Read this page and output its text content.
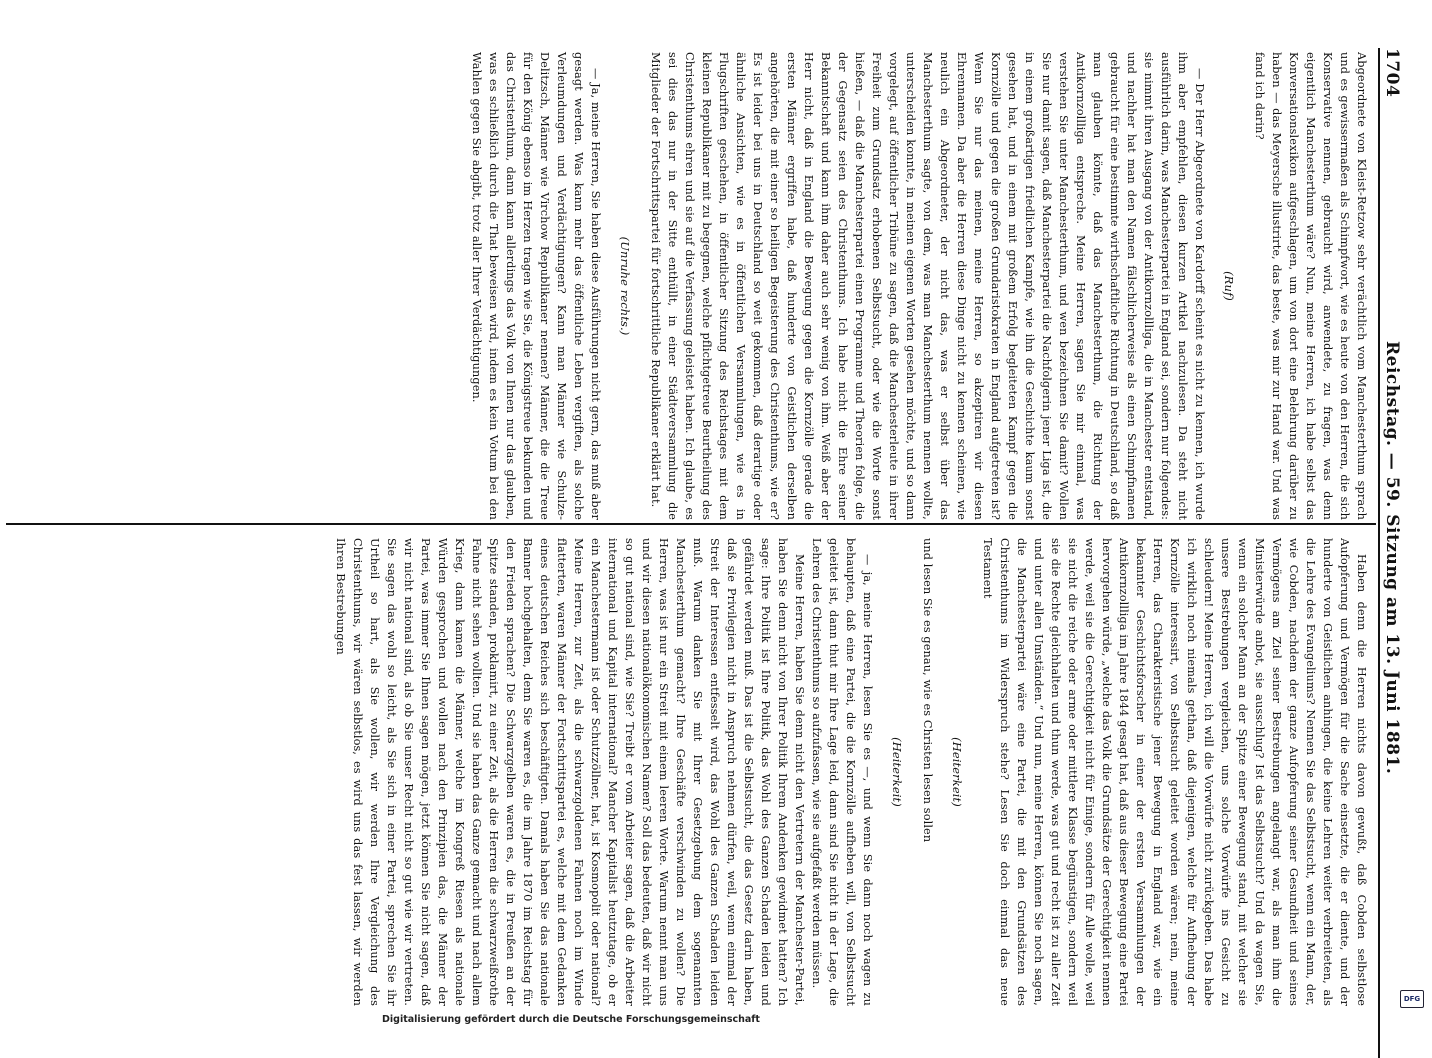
1704
Reichstag. — 59. Sitzung am 13. Juni 1881.

Abgeordnete von Kleist-Retzow sehr verächtlich vom Manchesterthum sprach und es gewissermaßen als Schimpfwort, wie es heute von den Herren, die sich Konservative nennen, gebraucht wird, anwendete, zu fragen, was denn eigentlich Manchesterthum wäre? Nun, meine Herren, ich habe selbst das Konversationslexikon aufgeschlagen, um von dort eine Belehrung darüber zu haben — das Meyersche illustrirte, das beste, was mir zur Hand war. Und was fand ich darin?

(Ruf)

— Der Herr Abgeordnete von Kardorff scheint es nicht zu kennen, ich wurde ihm aber empfehlen, diesen kurzen Artikel nachzulesen. Da steht nicht ausführlich darin, was Manchesterpartei in England sei, sondern nur folgendes: sie nimmt ihren Ausgang von der Antikornzollliga, die in Manchester entstand, und nachher hat man den Namen fälschlicherweise als einen Schimpfnamen gebraucht für eine bestimmte wirthschaftliche Richtung in Deutschland, so daß man glauben könnte, daß das Manchesterthum, die Richtung der Antikornzollliga entspreche. Meine Herren, sagen Sie mir einmal, was verstehen Sie unter Manchesterthum, und wen bezeichnen Sie damit? Wollen Sie nur damit sagen, daß Manchesterpartei die Nachfolgerin jener Liga ist, die in einem großartigen friedlichen Kampfe, wie ihn die Geschichte kaum sonst gesehen hat, und in einem mit großem Erfolg begleiteten Kampf gegen die Kornzölle und gegen die großen Grundaristokraten in England aufgetreten ist? Wenn Sie nur das meinen, meine Herren, so akzeptiren wir diesen Ehrennamen. Da aber die Herren diese Dinge nicht zu kennen scheinen, wie neulich ein Abgeordneter, der nicht das, was er selbst über das Manchesterthum sagte, von dem, was man Manchesterthum nennen wollte, unterscheiden konnte, in meinen eigenen Worten gesehen möchte, und so dann vorgelegt, auf öffentlicher Tribüne zu sagen, daß die Manchesterleute in ihrer Freiheit zum Grundsatz erhobenen Selbstsucht, oder wie die Worte sonst hießen, — daß die Manchesterpartei einen Programme und Theorien folge, die der Gegensatz seien des Christenthums. Ich habe nicht die Ehre seiner Bekanntschaft und kann ihm daher auch sehr wenig von ihm. Weiß aber der Herr nicht, daß in England die Bewegung gegen die Kornzölle gerade die ersten Männer ergriffen habe, daß hunderte von Geistlichen derselben angehörten, die mit einer so heiligen Begeisterung des Christenthums, wie er? Es ist leider bei uns in Deutschland so weit gekommen, daß derartige oder ähnliche Ansichten, wie es in öffentlichen Versammlungen, wie es in Flugschriften geschehen, in öffentlicher Sitzung des Reichstages mit dem kleinen Republikaner mit zu begegnen, welche pflichtgetreue Beurtheilung des Christenthums ehren und sie auf die Verfassung geleistet haben. Ich glaube, es sei dies das nur in der Sitte enthüllt, in einer Städteversammlung die Mitglieder der Fortschrittspartei für fortschrittliche Republikaner erklärt hat.

(Unruhe rechts.)

— Ja, meine Herren, Sie haben diese Ausführungen nicht gern, das muß aber gesagt werden. Was kann mehr das öffentliche Leben vergiften, als solche Verleumdungen und Verdächtigungen? Kann man Männer wie Schulze-Delitzsch, Männer wie Virchow Republikaner nennen? Männer, die die Treue für den König ebenso im Herzen tragen wie Sie, die Königstreue bekunden und das Christenthum, dann kann allerdings das Volk von Ihnen nur das glauben, was es schließlich durch die That beweisen wird, indem es kein Votum bei den Wahlen gegen Sie abgibt, trotz aller Ihrer Verdächtigungen.

Haben denn die Herren nichts davon gewußt, daß Cobden selbstlose Aufopferung und Vermögen für die Sache einsetzte, die er diente, und der hunderte von Geistlichen anhingen, die keine Lehren weiter verbreiteten, als die Lehre des Evangeliums? Nennen Sie das Selbstsucht, wenn ein Mann, der, wie Cobden, nachdem der ganze Aufopferung seiner Gesundheit und seines Vermögens am Ziel seiner Bestrebungen angelangt war, als man ihm die Ministerwürde anbot, sie ausschlug? Ist das Selbstsucht? Und da wagen Sie, wenn ein solcher Mann an der Spitze einer Bewegung stand, mit welcher sie unsere Bestrebungen vergleichen, uns solche Vorwürfe ins Gesicht zu schleudern! Meine Herren, ich will die Vorwürfe nicht zurückgeben. Das habe ich wirklich noch niemals gethan, daß diejenigen, welche für Aufhebung der Kornzölle interessirt, von Selbstsucht geleitet worden wären; nein, meine Herren, das Charakteristische jener Bewegung in England war, wie ein bekannter Geschichtsforscher in einer der ersten Versammlungen der Antikornzollliga im Jahre 1844 gesagt hat, daß aus dieser Bewegung eine Partei hervorgehen würde, „welche das Volk die Grundsätze der Gerechtigkeit nennen werde, weil sie die Gerechtigkeit nicht für Einige, sondern für Alle wolle, weil sie nicht die reiche oder arme oder mittlere Klasse begünstigen, sondern weil sie die Rechte gleichhalten und thun werde, was gut und recht ist zu aller Zeit und unter allen Umständen.“ Und nun, meine Herren, können Sie noch sagen, die Manchesterpartei wäre eine Partei, die mit den Grundsätzen des Christenthums im Widerspruch stehe? Lesen Sie doch einmal das neue Testament

(Heiterkeit)

und lesen Sie es genau, wie es Christen lesen sollen

(Heiterkeit)

— ja, meine Herren, lesen Sie es —, und wenn Sie dann noch wagen zu behaupten, daß eine Partei, die die Kornzölle aufheben will, von Selbstsucht geleitet ist, dann thut mir Ihre Lage leid, dann sind Sie nicht in der Lage, die Lehren des Christenthums so aufzufassen, wie sie aufgefaßt werden müssen.

Meine Herren, haben Sie denn nicht den Vertretern der Manchester-Partei, haben Sie denn nicht von Ihrer Politik Ihrem Andenken gewidmet hatten? Ich sage: Ihre Politik ist Ihre Politik, das Wohl des Ganzen Schaden leiden und gefährdet werden muß. Das ist die Selbstsucht, die das Gesetz darin haben, daß sie Privilegien nicht in Anspruch nehmen dürfen, weil, wenn einmal der Streit der Interessen entfesselt wird, das Wohl des Ganzen Schaden leiden muß. Warum danken Sie mit Ihrer Gesetzgebung dem sogenannten Manchesterthum gemacht? Ihre Geschäfte verschwinden zu wollen? Die Herren, was ist nur ein Streit mit einem leeren Worte. Warum nennt man uns und wir diesen nationalökonomischen Namen? Soll das bedeuten, daß wir nicht so gut national sind, wie Sie? Treibt er vom Arbeiter sagen, daß die Arbeiter international und Kapital international? Mancher Kapitalist heutzutage, ob er ein Manchestermann ist oder Schutzzöllner, hat, ist Kosmopolit oder national? Meine Herren, zur Zeit, als die schwarzgoldenen Fahnen noch im Winde flatterten, waren Männer der Fortschrittspartei es, welche mit dem Gedanken eines deutschen Reiches sich beschäftigten. Damals haben Sie das nationale Banner hochgehalten, denn Sie waren es, die im Jahre 1870 im Reichstag für den Frieden sprachen? Die Schwarzgelben waren es, die in Preußen an der Spitze standen, proklamirt, zu einer Zeit, als die Herren die schwarzweißrothe Fahne nicht sehen wollten. Und sie haben das Ganze gemacht und nach allem Krieg, dann kamen die Männer, welche im Kongreß Riesen als nationale Würden gesprochen und wollen nach den Prinzipien das, die Männer der Partei, was immer Sie Ihnen sagen mögen, jetzt können Sie nicht sagen, daß wir nicht national sind, als ob Sie unser Recht nicht so gut wie wir vertreten. Sie sagen das wohl so leicht, als Sie sich in einer Partei, sprechen Sie ihr Urtheil so hart, als Sie wollen, wir werden Ihre Vergleichung des Christenthums, wir wären selbstlos, es wird uns das fest lassen, wir werden Ihren Bestrebungen

DFG
Digitalisierung gefördert durch die Deutsche Forschungsgemeinschaft
